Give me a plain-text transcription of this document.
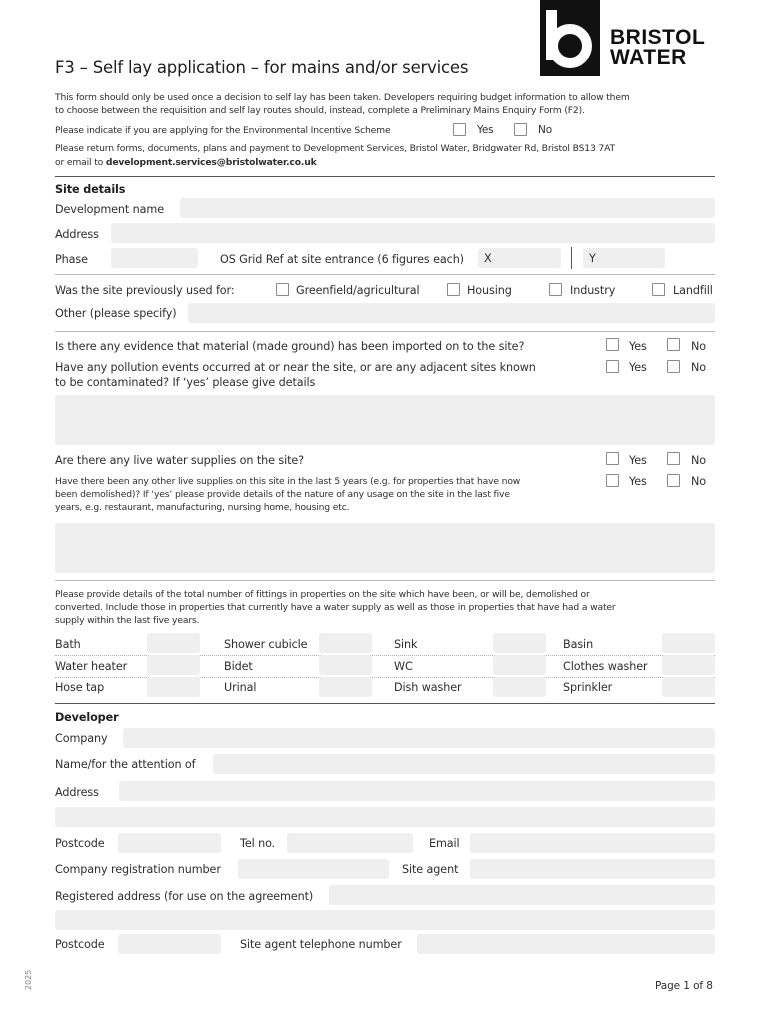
BRISTOL
WATER
F3 – Self lay application – for mains and/or services
This form should only be used once a decision to self lay has been taken. Developers requiring budget information to allow them
to choose between the requisition and self lay routes should, instead, complete a Preliminary Mains Enquiry Form (F2).
Please indicate if you are applying for the Environmental Incentive Scheme	Yes	No
Please return forms, documents, plans and payment to Development Services, Bristol Water, Bridgwater Rd, Bristol BS13 7AT
or email to development.services@bristolwater.co.uk
Site details
Development name
Address
Phase	OS Grid Ref at site entrance (6 figures each) X	Y
Was the site previously used for:	Greenfield/agricultural	Housing	Industry	Landfill
Other (please specify)
Is there any evidence that material (made ground) has been imported on to the site?	Yes	No
Have any pollution events occurred at or near the site, or are any adjacent sites known
to be contaminated? If ‘yes’ please give details
Yes	No
Are there any live water supplies on the site?	Yes	No
Have there been any other live supplies on this site in the last 5 years (e.g. for properties that have now
been demolished)? If ‘yes’ please provide details of the nature of any usage on the site in the last five
years, e.g. restaurant, manufacturing, nursing home, housing etc.
Yes	No
Please provide details of the total number of fittings in properties on the site which have been, or will be, demolished or
converted. Include those in properties that currently have a water supply as well as those in properties that have had a water
supply within the last five years.
Bath	Shower cubicle	Sink	Basin
Water heater	Bidet	WC	Clothes washer
Hose tap	Urinal	Dish washer	Sprinkler
Developer
Company
Name/for the attention of
Address
Postcode	Tel no.	Email
Company registration number	Site agent
Registered address (for use on the agreement)
Postcode	Site agent telephone number
2025	Page 1 of 8
